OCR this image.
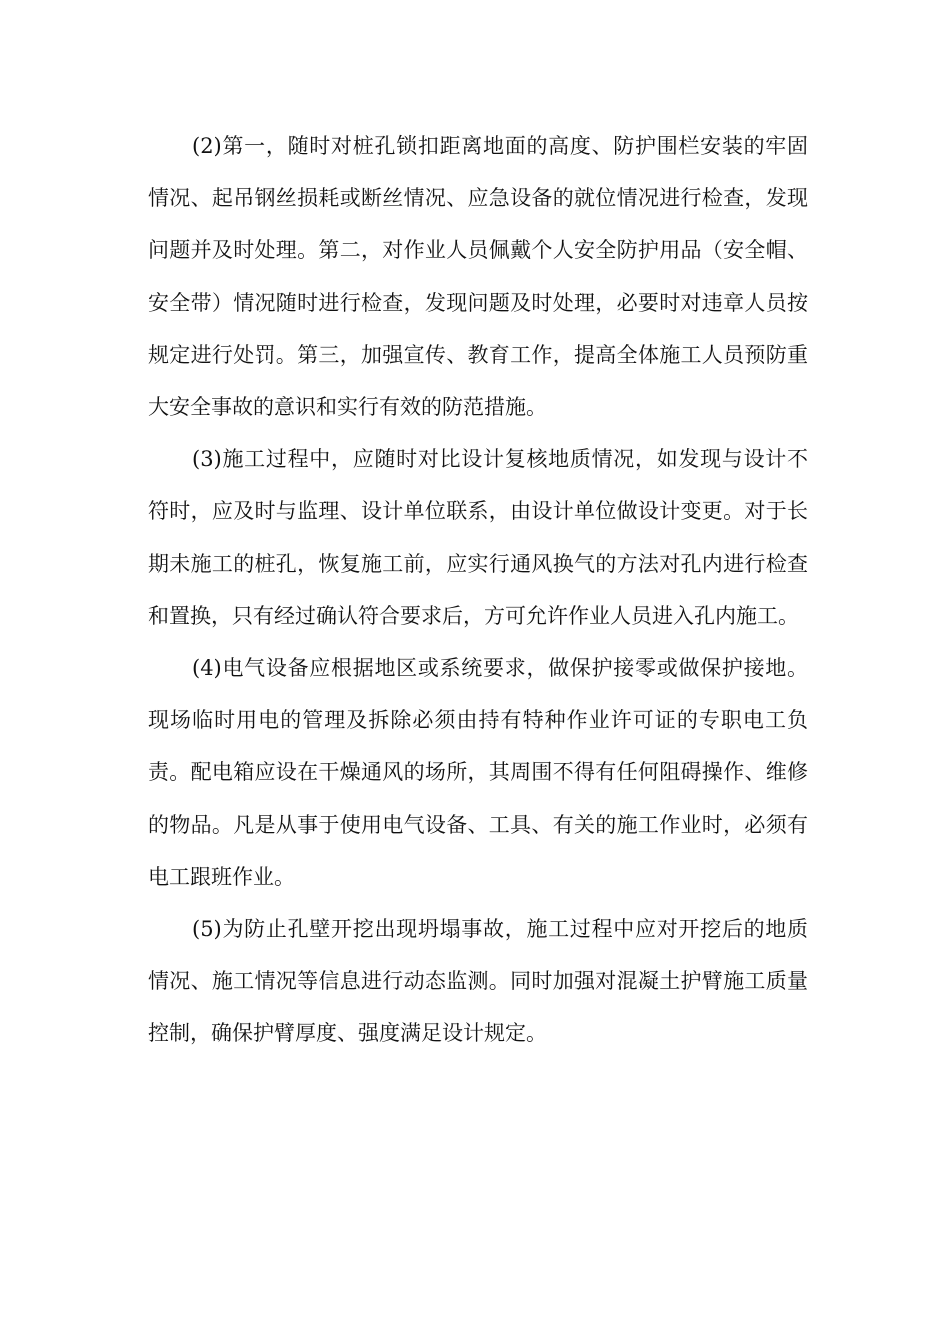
(2)第一，随时对桩孔锁扣距离地面的高度、防护围栏安装的牢固情况、起吊钢丝损耗或断丝情况、应急设备的就位情况进行检查，发现问题并及时处理。第二，对作业人员佩戴个人安全防护用品（安全帽、安全带）情况随时进行检查，发现问题及时处理，必要时对违章人员按规定进行处罚。第三，加强宣传、教育工作，提高全体施工人员预防重大安全事故的意识和实行有效的防范措施。

(3)施工过程中，应随时对比设计复核地质情况，如发现与设计不符时，应及时与监理、设计单位联系，由设计单位做设计变更。对于长期未施工的桩孔，恢复施工前，应实行通风换气的方法对孔内进行检查和置换，只有经过确认符合要求后，方可允许作业人员进入孔内施工。

(4)电气设备应根据地区或系统要求，做保护接零或做保护接地。现场临时用电的管理及拆除必须由持有特种作业许可证的专职电工负责。配电箱应设在干燥通风的场所，其周围不得有任何阻碍操作、维修的物品。凡是从事于使用电气设备、工具、有关的施工作业时，必须有电工跟班作业。

(5)为防止孔壁开挖出现坍塌事故，施工过程中应对开挖后的地质情况、施工情况等信息进行动态监测。同时加强对混凝土护臂施工质量控制，确保护臂厚度、强度满足设计规定。
